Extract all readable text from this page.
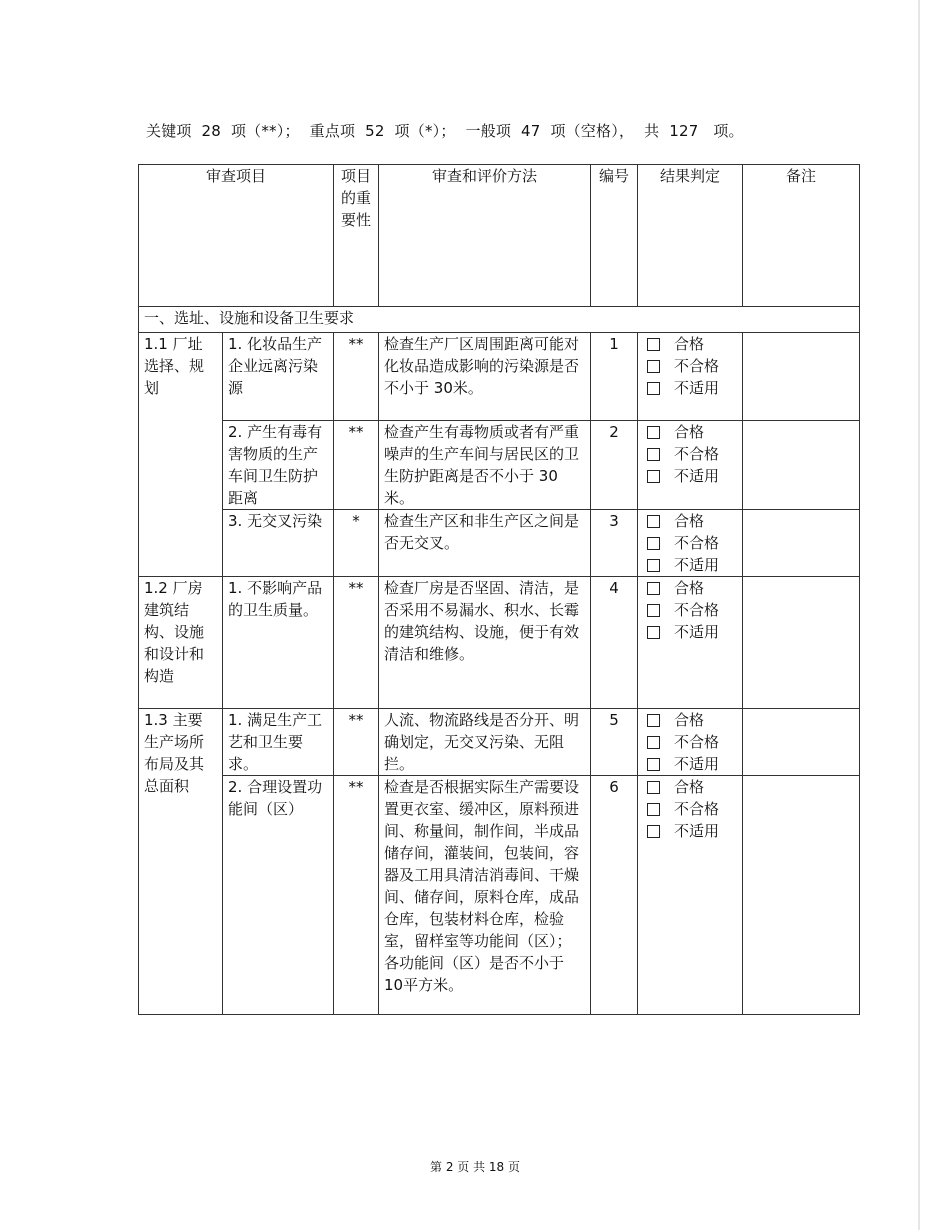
关键项  28  项（**）；  重点项  52  项（*）；  一般项  47  项（空格），  共  127   项。
审查项目		项目的重要性	审查和评价方法	编号	结果判定	备注
一、选址、设施和设备卫生要求						
1.1 厂址选择、规划	1. 化妆品生产企业远离污染源	**	检查生产厂区周围距离可能对化妆品造成影响的污染源是否不小于 30米。	1	合格
不合格
不适用	

	2. 产生有毒有害物质的生产车间卫生防护距离	**	检查产生有毒物质或者有严重噪声的生产车间与居民区的卫生防护距离是否不小于 30米。	2	合格
不合格
不适用	

	3. 无交叉污染	*	检查生产区和非生产区之间是否无交叉。	3	合格
不合格
不适用	

1.2 厂房建筑结构、设施和设计和构造	1. 不影响产品的卫生质量。	**	检查厂房是否坚固、清洁，是否采用不易漏水、积水、长霉的建筑结构、设施，便于有效清洁和维修。	4	合格
不合格
不适用	

1.3 主要生产场所布局及其总面积	1. 满足生产工艺和卫生要求。	**	人流、物流路线是否分开、明确划定，无交叉污染、无阻拦。	5	合格
不合格
不适用	

	2. 合理设置功能间（区）	**	检查是否根据实际生产需要设置更衣室、缓冲区，原料预进间、称量间，制作间，半成品储存间，灌装间，包装间，容器及工用具清洁消毒间、干燥间、储存间，原料仓库，成品仓库，包装材料仓库，检验室，留样室等功能间（区）；各功能间（区）是否不小于 10平方米。	6	合格
不合格
不适用	

第 2 页 共 18 页
